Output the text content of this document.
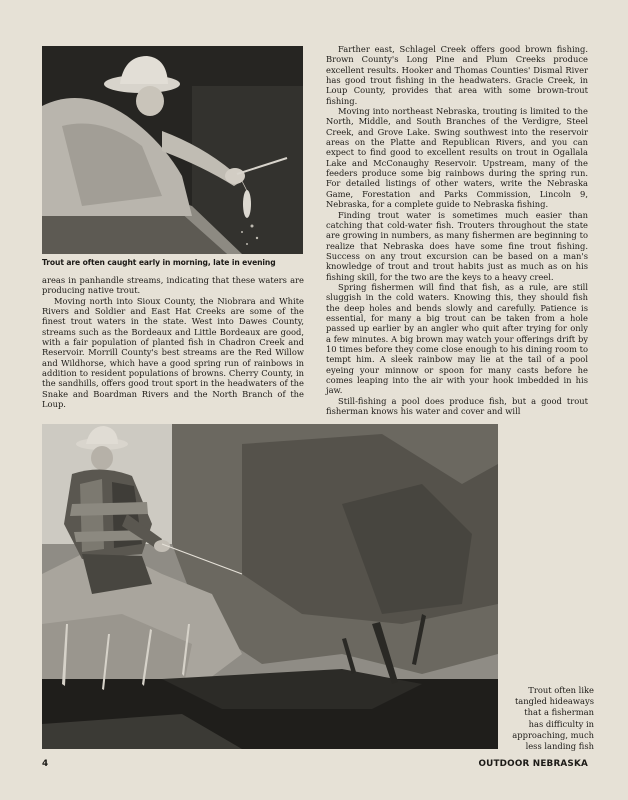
Trout are often caught early in morning, late in evening

areas in panhandle streams, indicating that these waters are producing native trout.

Moving north into Sioux County, the Niobrara and White Rivers and Soldier and East Hat Creeks are some of the finest trout waters in the state. West into Dawes County, streams such as the Bordeaux and Little Bordeaux are good, with a fair population of planted fish in Chadron Creek and Reservoir. Morrill County's best streams are the Red Willow and Wildhorse, which have a good spring run of rainbows in addition to resident populations of browns. Cherry County, in the sandhills, offers good trout sport in the headwaters of the Snake and Boardman Rivers and the North Branch of the Loup.

Farther east, Schlagel Creek offers good brown fishing. Brown County's Long Pine and Plum Creeks produce excellent results. Hooker and Thomas Counties' Dismal River has good trout fishing in the headwaters. Gracie Creek, in Loup County, provides that area with some brown-trout fishing.

Moving into northeast Nebraska, trouting is limited to the North, Middle, and South Branches of the Verdigre, Steel Creek, and Grove Lake. Swing southwest into the reservoir areas on the Platte and Republican Rivers, and you can expect to find good to excellent results on trout in Ogallala Lake and McConaughy Reservoir. Upstream, many of the feeders produce some big rainbows during the spring run. For detailed listings of other waters, write the Nebraska Game, Forestation and Parks Commission, Lincoln 9, Nebraska, for a complete guide to Nebraska fishing.

Finding trout water is sometimes much easier than catching that cold-water fish. Trouters throughout the state are growing in numbers, as many fishermen are beginning to realize that Nebraska does have some fine trout fishing. Success on any trout excursion can be based on a man's knowledge of trout and trout habits just as much as on his fishing skill, for the two are the keys to a heavy creel.

Spring fishermen will find that fish, as a rule, are still sluggish in the cold waters. Knowing this, they should fish the deep holes and bends slowly and carefully. Patience is essential, for many a big trout can be taken from a hole passed up earlier by an angler who quit after trying for only a few minutes. A big brown may watch your offerings drift by 10 times before they come close enough to his dining room to tempt him. A sleek rainbow may lie at the tail of a pool eyeing your minnow or spoon for many casts before he comes leaping into the air with your hook imbedded in his jaw.

Still-fishing a pool does produce fish, but a good trout fisherman knows his water and cover and will

Trout often like
tangled hideaways
that a fisherman
has difficulty in
approaching, much
less landing fish
4	OUTDOOR NEBRASKA
